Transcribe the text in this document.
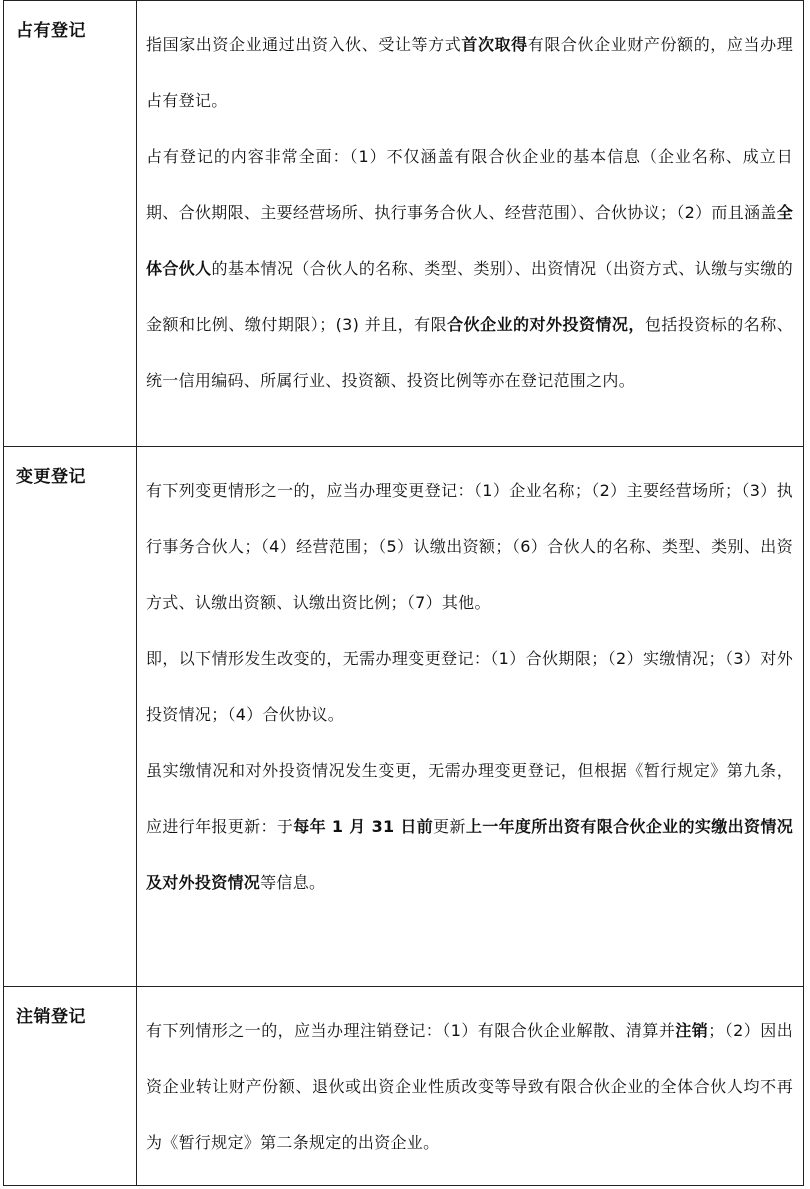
占有登记	指国家出资企业通过出资入伙、受让等方式首次取得有限合伙企业财产份额的，应当办理占有登记。

占有登记的内容非常全面：（1）不仅涵盖有限合伙企业的基本信息（企业名称、成立日期、合伙期限、主要经营场所、执行事务合伙人、经营范围）、合伙协议；（2）而且涵盖全体合伙人的基本情况（合伙人的名称、类型、类别）、出资情况（出资方式、认缴与实缴的金额和比例、缴付期限）；(3) 并且，有限合伙企业的对外投资情况，包括投资标的名称、统一信用编码、所属行业、投资额、投资比例等亦在登记范围之内。

变更登记	有下列变更情形之一的，应当办理变更登记：（1）企业名称；（2）主要经营场所；（3）执行事务合伙人；（4）经营范围；（5）认缴出资额；（6）合伙人的名称、类型、类别、出资方式、认缴出资额、认缴出资比例；（7）其他。

即，以下情形发生改变的，无需办理变更登记：（1）合伙期限；（2）实缴情况；（3）对外投资情况；（4）合伙协议。

虽实缴情况和对外投资情况发生变更，无需办理变更登记，但根据《暂行规定》第九条，应进行年报更新：于每年 1 月 31 日前更新上一年度所出资有限合伙企业的实缴出资情况及对外投资情况等信息。

注销登记	有下列情形之一的，应当办理注销登记：（1）有限合伙企业解散、清算并注销；（2）因出资企业转让财产份额、退伙或出资企业性质改变等导致有限合伙企业的全体合伙人均不再为《暂行规定》第二条规定的出资企业。
